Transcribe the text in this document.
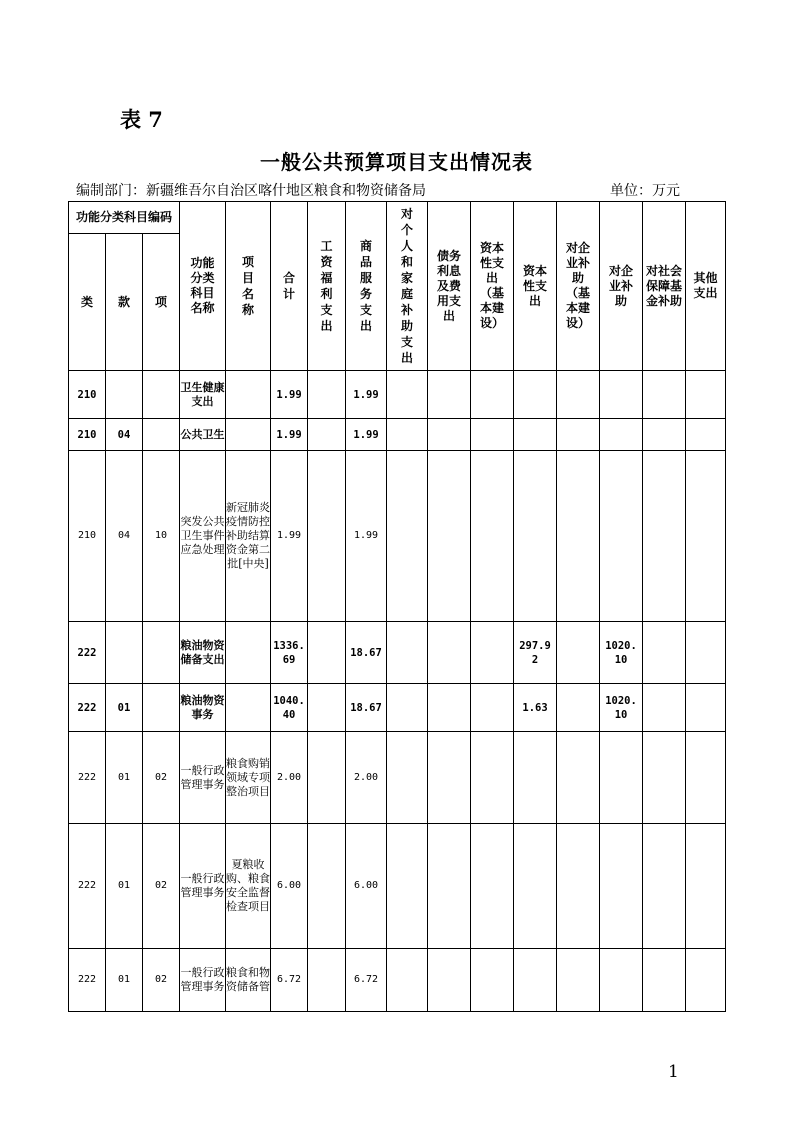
表 7
一般公共预算项目支出情况表
编制部门：新疆维吾尔自治区喀什地区粮食和物资储备局	单位：万元
功能分类科目编码			功能分类科目名称	项目名称	合计	工资福利支出	商品服务支出	对个人和家庭补助支出	债务利息及费用支出	资本性支出（基本建设）	资本性支出	对企业补助（基本建设）	对企业补助	对社会保障基金补助	其他支出
类	款	项													
210			卫生健康支出		1.99		1.99								
210	04		公共卫生		1.99		1.99								
210	04	10	突发公共卫生事件应急处理	新冠肺炎疫情防控补助结算资金第二批[中央]	1.99		1.99								
222			粮油物资储备支出		1336.69		18.67				297.92		1020.10		
222	01		粮油物资事务		1040.40		18.67				1.63		1020.10		
222	01	02	一般行政管理事务	粮食购销领域专项整治项目	2.00		2.00								
222	01	02	一般行政管理事务	夏粮收购、粮食安全监督检查项目	6.00		6.00								
222	01	02	一般行政管理事务	粮食和物资储备管	6.72		6.72								
1
